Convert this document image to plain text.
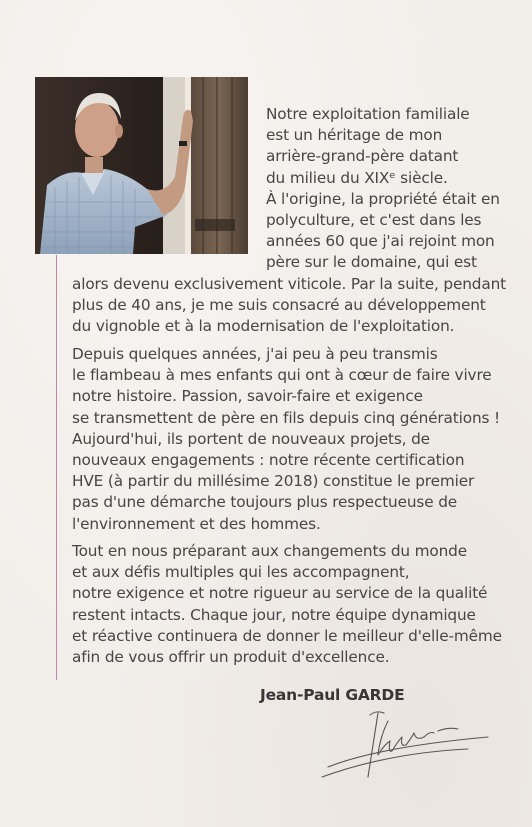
Notre exploitation familiale
est un héritage de mon
arrière-grand-père datant
du milieu du XIXᵉ siècle.
À l'origine, la propriété était en
polyculture, et c'est dans les
années 60 que j'ai rejoint mon
père sur le domaine, qui est
alors devenu exclusivement viticole. Par la suite, pendant
plus de 40 ans, je me suis consacré au développement
du vignoble et à la modernisation de l'exploitation.
Depuis quelques années, j'ai peu à peu transmis
le flambeau à mes enfants qui ont à cœur de faire vivre
notre histoire. Passion, savoir-faire et exigence
se transmettent de père en fils depuis cinq générations !
Aujourd'hui, ils portent de nouveaux projets, de
nouveaux engagements : notre récente certification
HVE (à partir du millésime 2018) constitue le premier
pas d'une démarche toujours plus respectueuse de
l'environnement et des hommes.
Tout en nous préparant aux changements du monde
et aux défis multiples qui les accompagnent,
notre exigence et notre rigueur au service de la qualité
restent intacts. Chaque jour, notre équipe dynamique
et réactive continuera de donner le meilleur d'elle-même
afin de vous offrir un produit d'excellence.
Jean-Paul GARDE
